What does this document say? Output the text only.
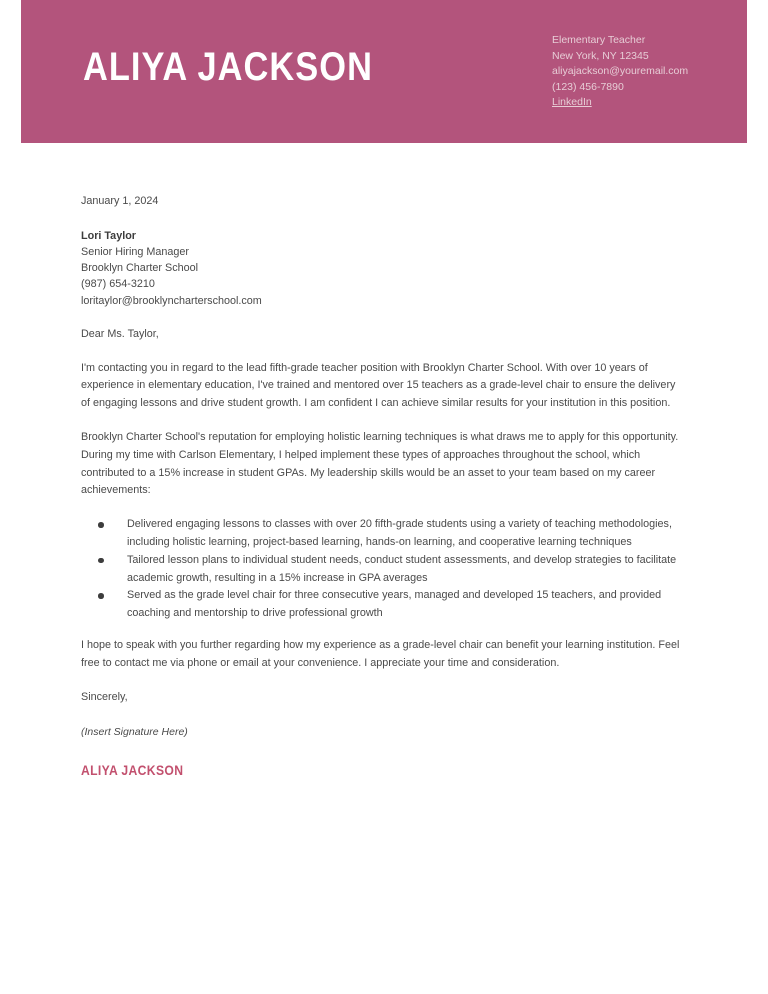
ALIYA JACKSON
Elementary Teacher
New York, NY 12345
aliyajackson@youremail.com
(123) 456-7890
LinkedIn
January 1, 2024
Lori Taylor
Senior Hiring Manager
Brooklyn Charter School
(987) 654-3210
loritaylor@brooklyncharterschool.com
Dear Ms. Taylor,

I'm contacting you in regard to the lead fifth-grade teacher position with Brooklyn Charter School. With over 10 years of experience in elementary education, I've trained and mentored over 15 teachers as a grade-level chair to ensure the delivery of engaging lessons and drive student growth. I am confident I can achieve similar results for your institution in this position.

Brooklyn Charter School's reputation for employing holistic learning techniques is what draws me to apply for this opportunity. During my time with Carlson Elementary, I helped implement these types of approaches throughout the school, which contributed to a 15% increase in student GPAs. My leadership skills would be an asset to your team based on my career achievements:

Delivered engaging lessons to classes with over 20 fifth-grade students using a variety of teaching methodologies, including holistic learning, project-based learning, hands-on learning, and cooperative learning techniques
Tailored lesson plans to individual student needs, conduct student assessments, and develop strategies to facilitate academic growth, resulting in a 15% increase in GPA averages
Served as the grade level chair for three consecutive years, managed and developed 15 teachers, and provided coaching and mentorship to drive professional growth

I hope to speak with you further regarding how my experience as a grade-level chair can benefit your learning institution. Feel free to contact me via phone or email at your convenience. I appreciate your time and consideration.

Sincerely,
(Insert Signature Here)
ALIYA JACKSON
